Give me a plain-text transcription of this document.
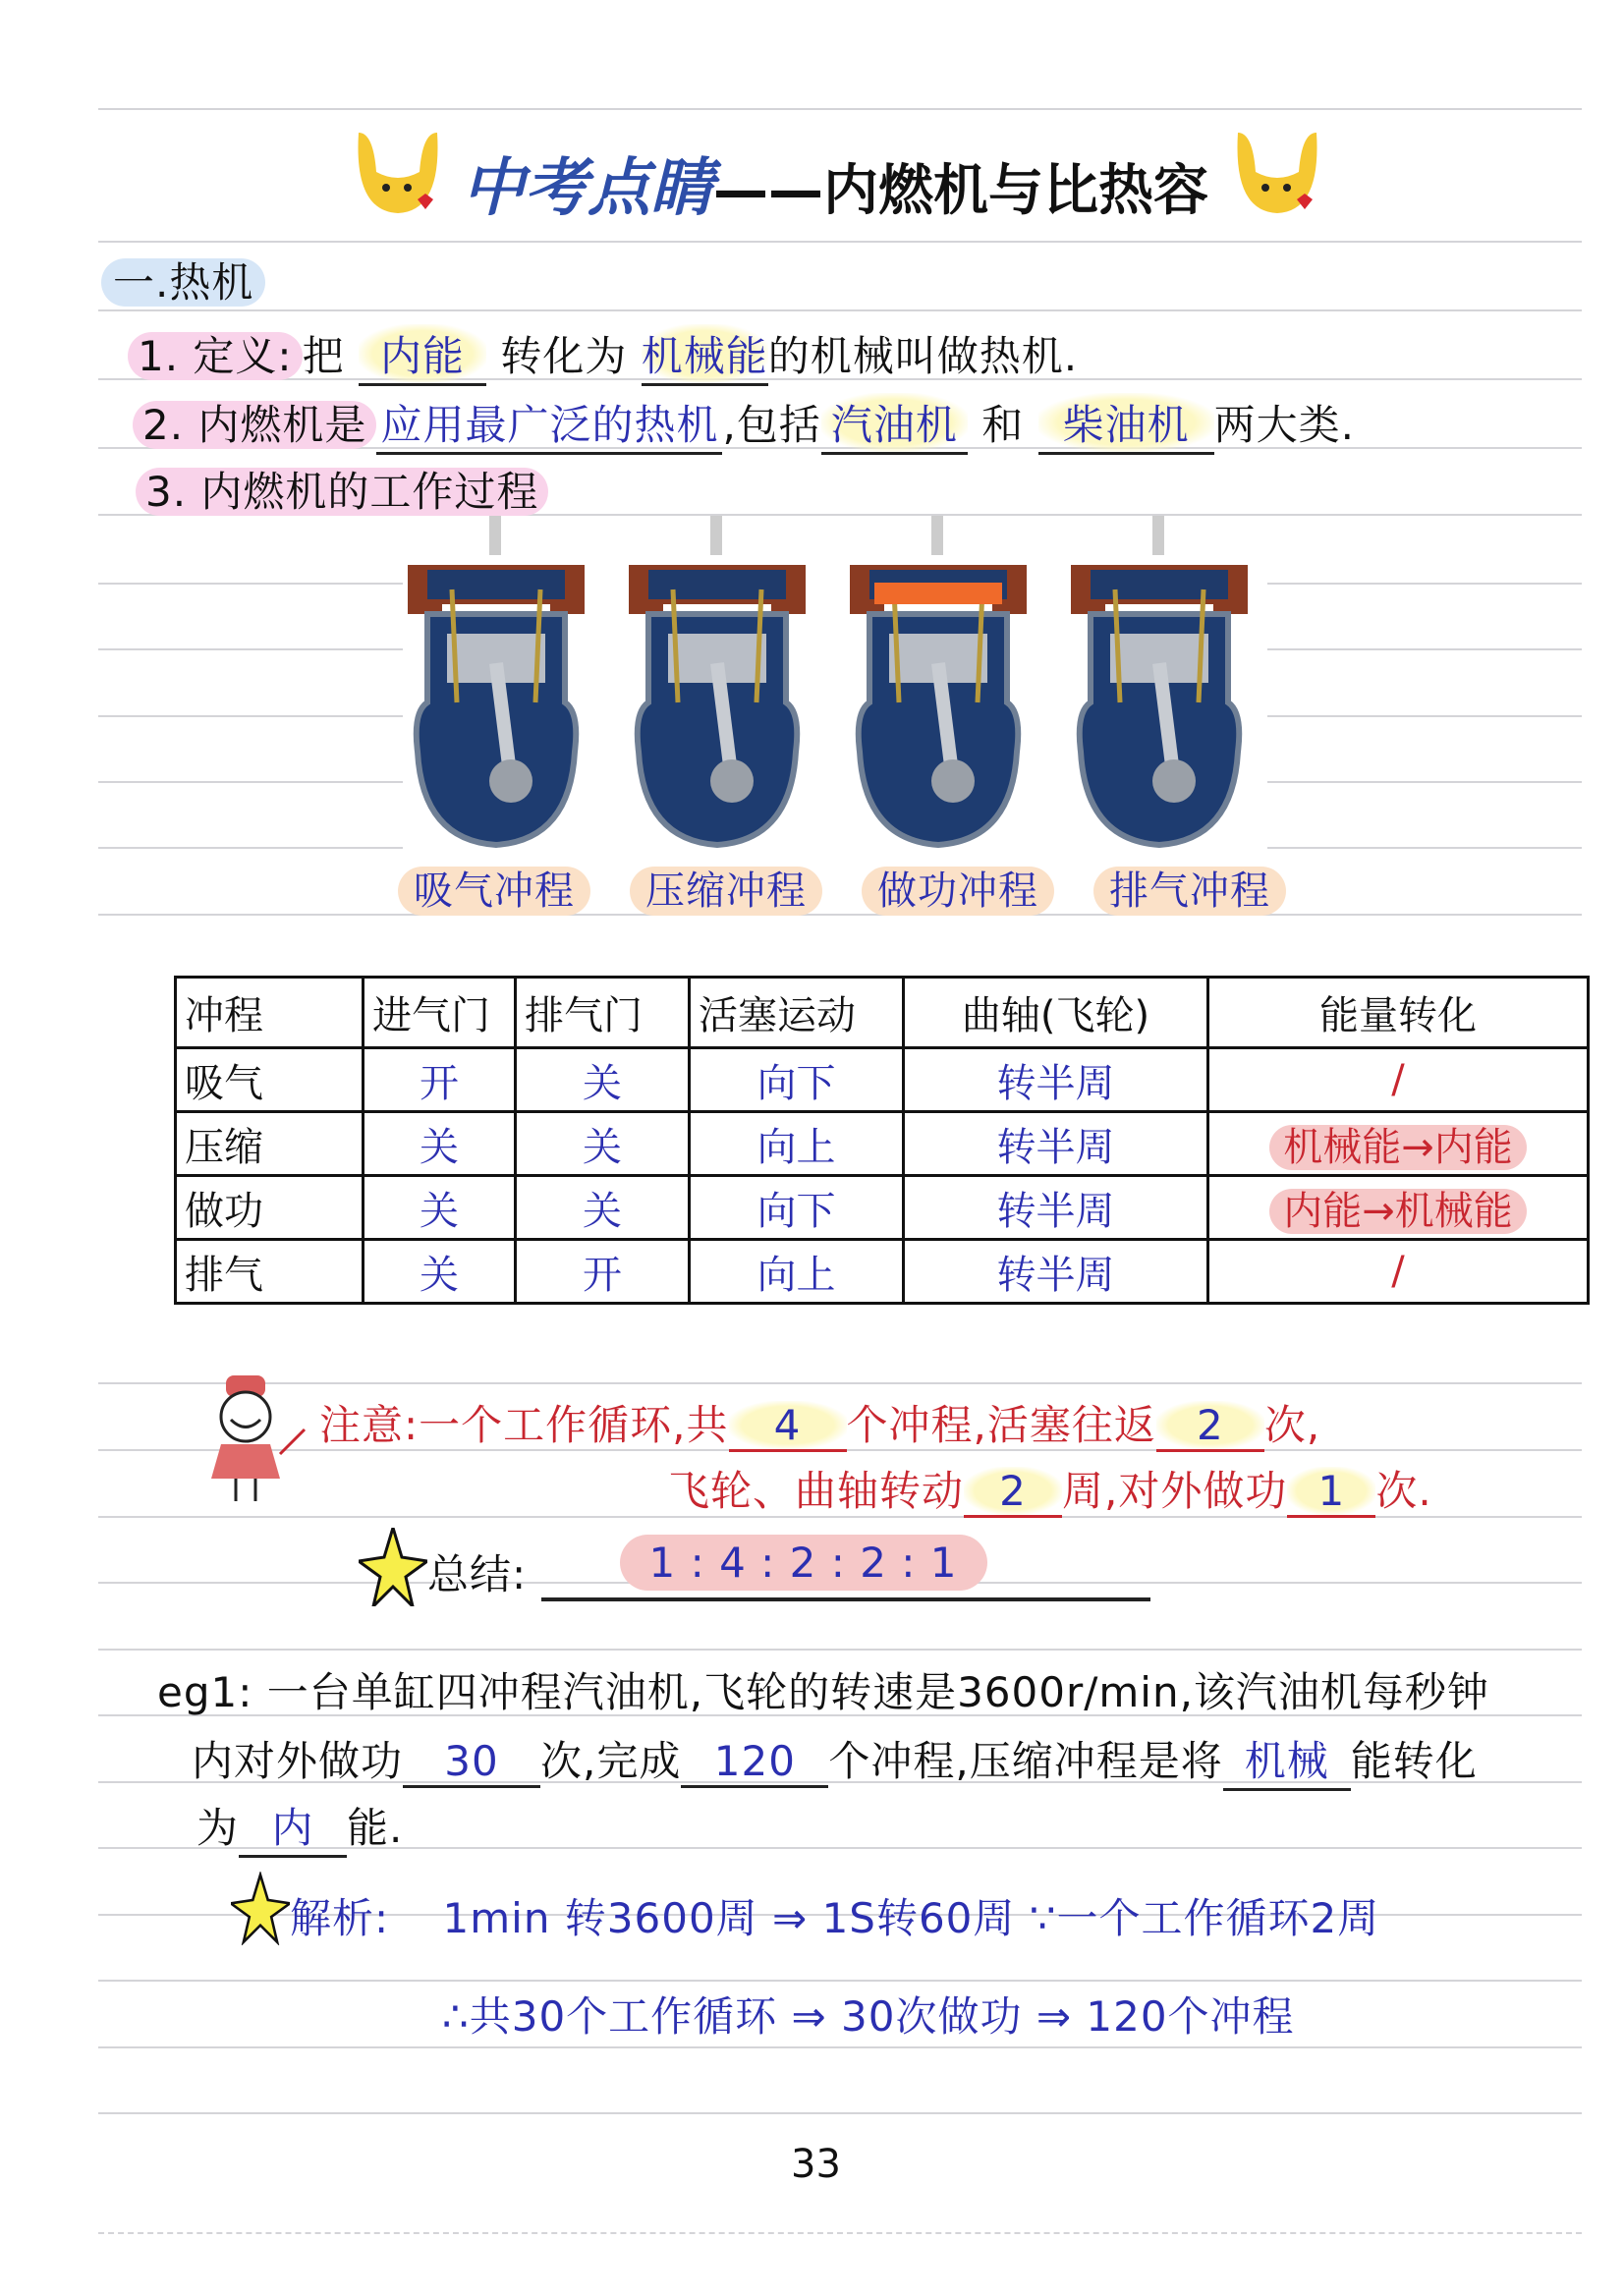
中考点睛——内燃机与比热容
一.热机
1. 定义: 把 内能 转化为 机械能的机械叫做热机.
2. 内燃机是 应用最广泛的热机,包括 汽油机 和 柴油机 两大类.
3. 内燃机的工作过程
吸气冲程 压缩冲程 做功冲程 排气冲程
冲程	进气门	排气门	活塞运动	曲轴(飞轮)	能量转化
吸气	开	关	向下	转半周	/
压缩	关	关	向上	转半周	机械能→内能
做功	关	关	向下	转半周	内能→机械能
排气	关	开	向上	转半周	/
注意:一个工作循环,共 4 个冲程,活塞往返 2 次,
飞轮、曲轴转动 2 周,对外做功 1 次.
总结:	1 : 4 : 2 : 2 : 1
eg1: 一台单缸四冲程汽油机,飞轮的转速是3600r/min,该汽油机每秒钟
内对外做功 30 次,完成 120 个冲程,压缩冲程是将 机械 能转化
为 内 能.
解析: 1min 转3600周 ⇒ 1S转60周 ∵一个工作循环2周
∴共30个工作循环 ⇒ 30次做功 ⇒ 120个冲程
33
